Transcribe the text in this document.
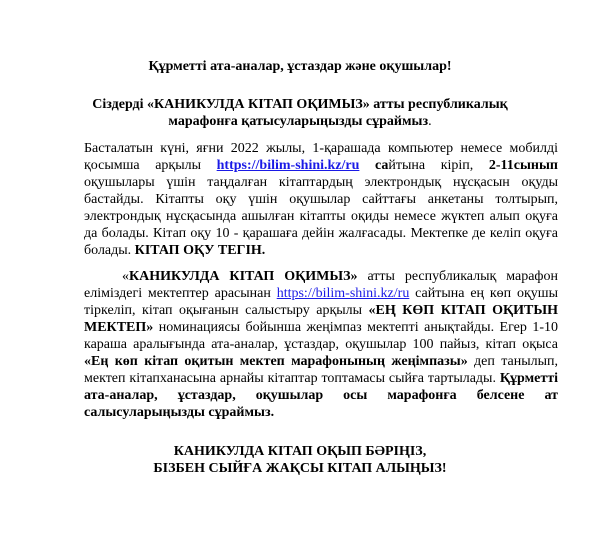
Құрметті ата-аналар, ұстаздар және оқушылар!
Сіздерді «КАНИКУЛДА КІТАП ОҚИМЫЗ» атты республикалық
марафонға қатысуларыңызды сұраймыз.
Басталатын күні, яғни 2022 жылы, 1-қарашада компьютер немесе мобилді қосымша арқылы https://bilim-shini.kz/ru сайтына кіріп, 2-11сынып оқушылары үшін таңдалған кітаптардың электрондық нұсқасын оқуды бастайды. Кітапты оқу үшін оқушылар сайттағы анкетаны толтырып, электрондық нұсқасында ашылған кітапты оқиды немесе жүктеп алып оқуға да болады. Кітап оқу 10 - қарашаға дейін жалғасады. Мектепке де келіп оқуға болады. КІТАП ОҚУ ТЕГІН.
«КАНИКУЛДА КІТАП ОҚИМЫЗ» атты республикалық марафон еліміздегі мектептер арасынан https://bilim-shini.kz/ru сайтына ең көп оқушы тіркеліп, кітап оқығанын салыстыру арқылы «ЕҢ КӨП КІТАП ОҚИТЫН МЕКТЕП» номинациясы бойынша жеңімпаз мектепті анықтайды. Егер 1-10 караша аралығында ата-аналар, ұстаздар, оқушылар 100 пайыз, кітап оқыса «Ең көп кітап оқитын мектеп марафонының жеңімпазы» деп танылып, мектеп кітапханасына арнайы кітаптар топтамасы сыйға тартылады. Құрметті ата-аналар, ұстаздар, оқушылар осы марафонға белсене ат салысуларыңызды сұраймыз.
КАНИКУЛДА КІТАП ОҚЫП БӘРІҢІЗ,
БІЗБЕН СЫЙҒА ЖАҚСЫ КІТАП АЛЫҢЫЗ!
